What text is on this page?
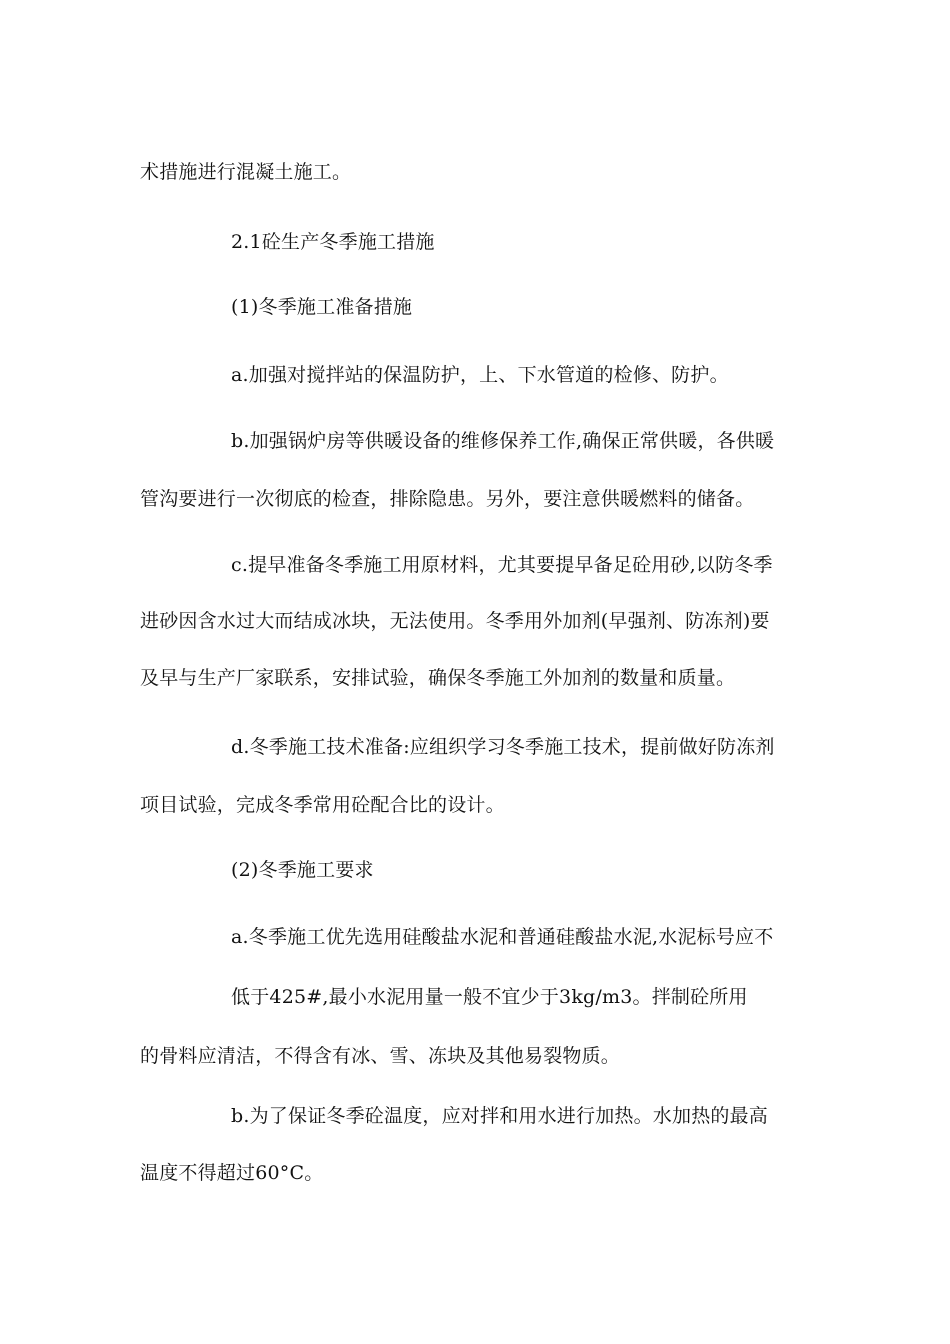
术措施进行混凝土施工。
2.1砼生产冬季施工措施
(1)冬季施工准备措施
a.加强对搅拌站的保温防护，上、下水管道的检修、防护。
b.加强锅炉房等供暖设备的维修保养工作,确保正常供暖，各供暖
管沟要进行一次彻底的检查，排除隐患。另外，要注意供暖燃料的储备。
c.提早准备冬季施工用原材料，尤其要提早备足砼用砂,以防冬季
进砂因含水过大而结成冰块，无法使用。冬季用外加剂(早强剂、防冻剂)要
及早与生产厂家联系，安排试验，确保冬季施工外加剂的数量和质量。
d.冬季施工技术准备:应组织学习冬季施工技术，提前做好防冻剂
项目试验，完成冬季常用砼配合比的设计。
(2)冬季施工要求
a.冬季施工优先选用硅酸盐水泥和普通硅酸盐水泥,水泥标号应不
低于425#,最小水泥用量一般不宜少于3kg/m3。拌制砼所用
的骨料应清洁，不得含有冰、雪、冻块及其他易裂物质。
b.为了保证冬季砼温度，应对拌和用水进行加热。水加热的最高
温度不得超过60°C。
